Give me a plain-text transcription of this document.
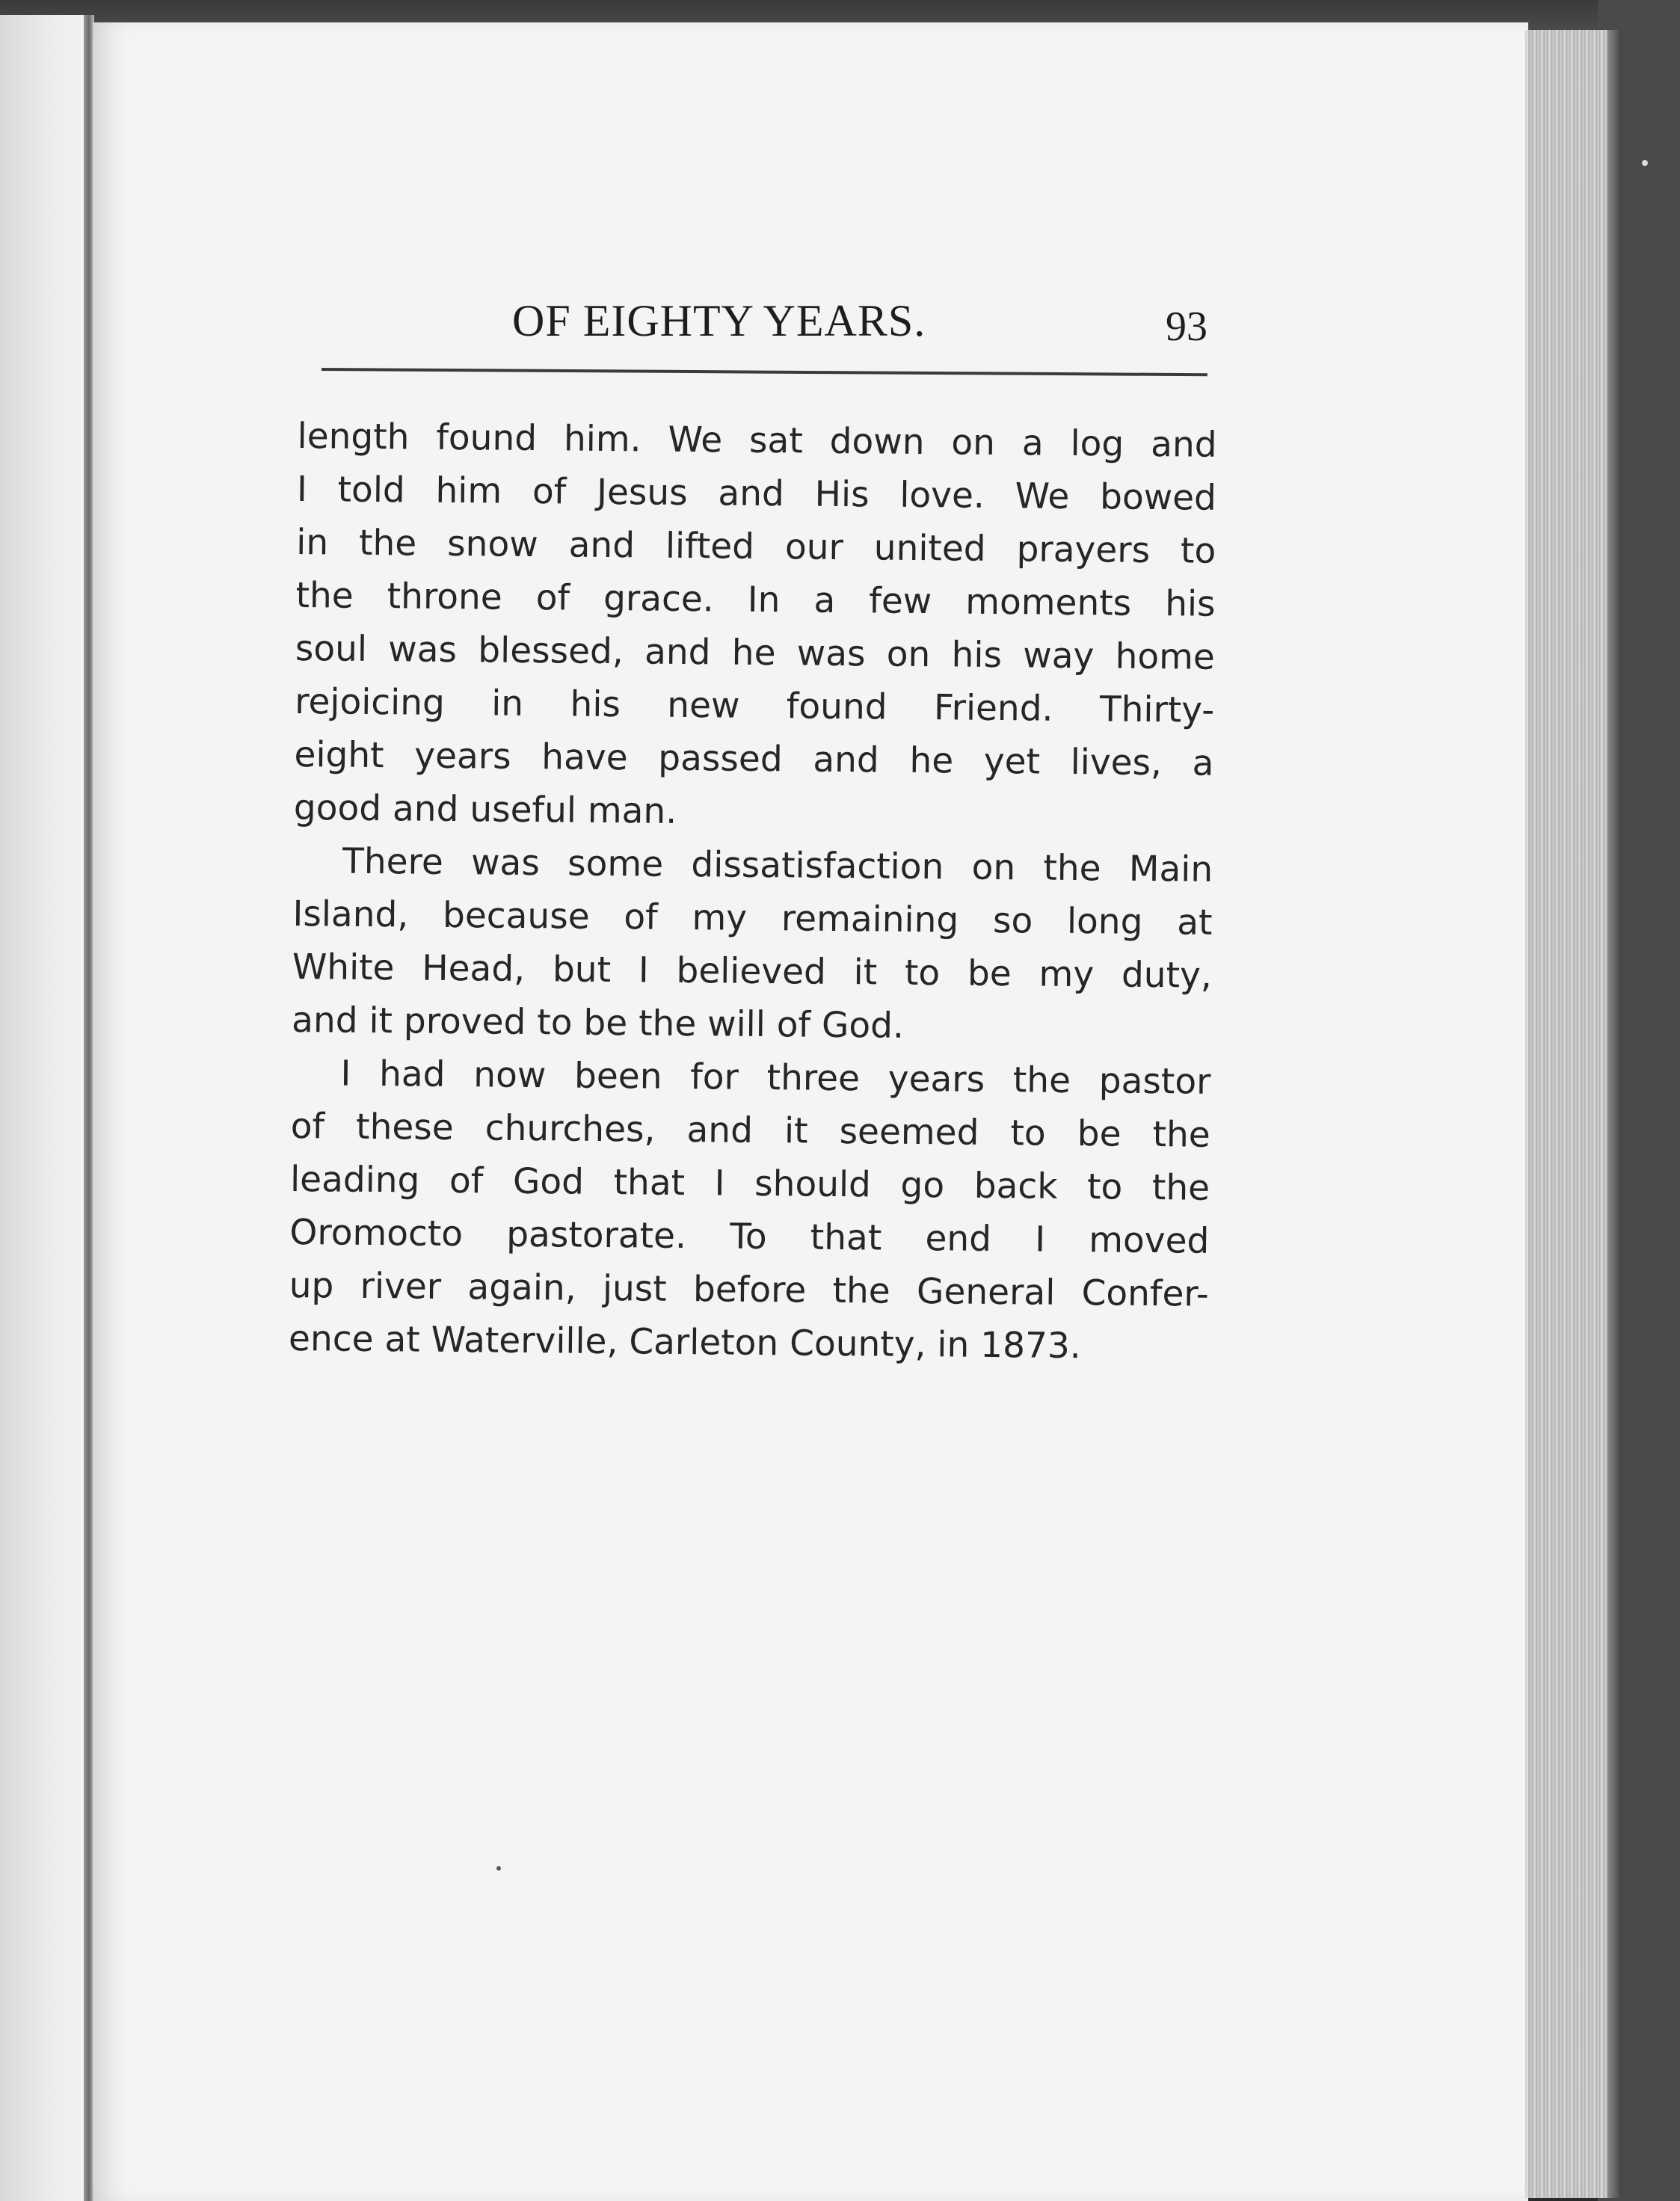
OF EIGHTY YEARS.	93
length found him. We sat down on a log and
I told him of Jesus and His love. We bowed
in the snow and lifted our united prayers to
the throne of grace. In a few moments his
soul was blessed, and he was on his way home
rejoicing in his new found Friend. Thirty-
eight years have passed and he yet lives, a
good and useful man.
There was some dissatisfaction on the Main
Island, because of my remaining so long at
White Head, but I believed it to be my duty,
and it proved to be the will of God.
I had now been for three years the pastor
of these churches, and it seemed to be the
leading of God that I should go back to the
Oromocto pastorate. To that end I moved
up river again, just before the General Confer-
ence at Waterville, Carleton County, in 1873.
